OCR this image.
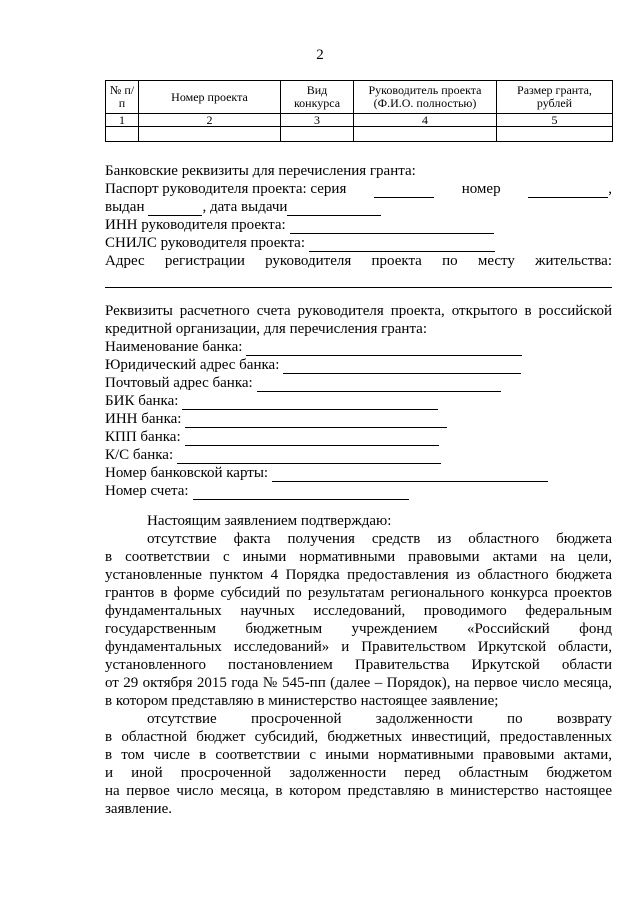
2
№ п/п	Номер проекта	Вид конкурса	Руководитель проекта (Ф.И.О. полностью)	Размер гранта, рублей
1	2	3	4	5

Банковские реквизиты для перечисления гранта:
Паспорт руководителя проекта: серия	номер	,
выдан	, дата выдачи
ИНН руководителя проекта:
СНИЛС руководителя проекта:
Адрес регистрации руководителя проекта по месту жительства:
Реквизиты расчетного счета руководителя проекта, открытого в российской
кредитной организации, для перечисления гранта:
Наименование банка:
Юридический адрес банка:
Почтовый адрес банка:
БИК банка:
ИНН банка:
КПП банка:
К/С банка:
Номер банковской карты:
Номер счета:
Настоящим заявлением подтверждаю:
отсутствие факта получения средств из областного бюджета
в соответствии с иными нормативными правовыми актами на цели,
установленные пунктом 4 Порядка предоставления из областного бюджета
грантов в форме субсидий по результатам регионального конкурса проектов
фундаментальных научных исследований, проводимого федеральным
государственным бюджетным учреждением «Российский фонд
фундаментальных исследований» и Правительством Иркутской области,
установленного постановлением Правительства Иркутской области
от 29 октября 2015 года № 545-пп (далее – Порядок), на первое число месяца,
в котором представляю в министерство настоящее заявление;
отсутствие просроченной задолженности по возврату
в областной бюджет субсидий, бюджетных инвестиций, предоставленных
в том числе в соответствии с иными нормативными правовыми актами,
и иной просроченной задолженности перед областным бюджетом
на первое число месяца, в котором представляю в министерство настоящее
заявление.
